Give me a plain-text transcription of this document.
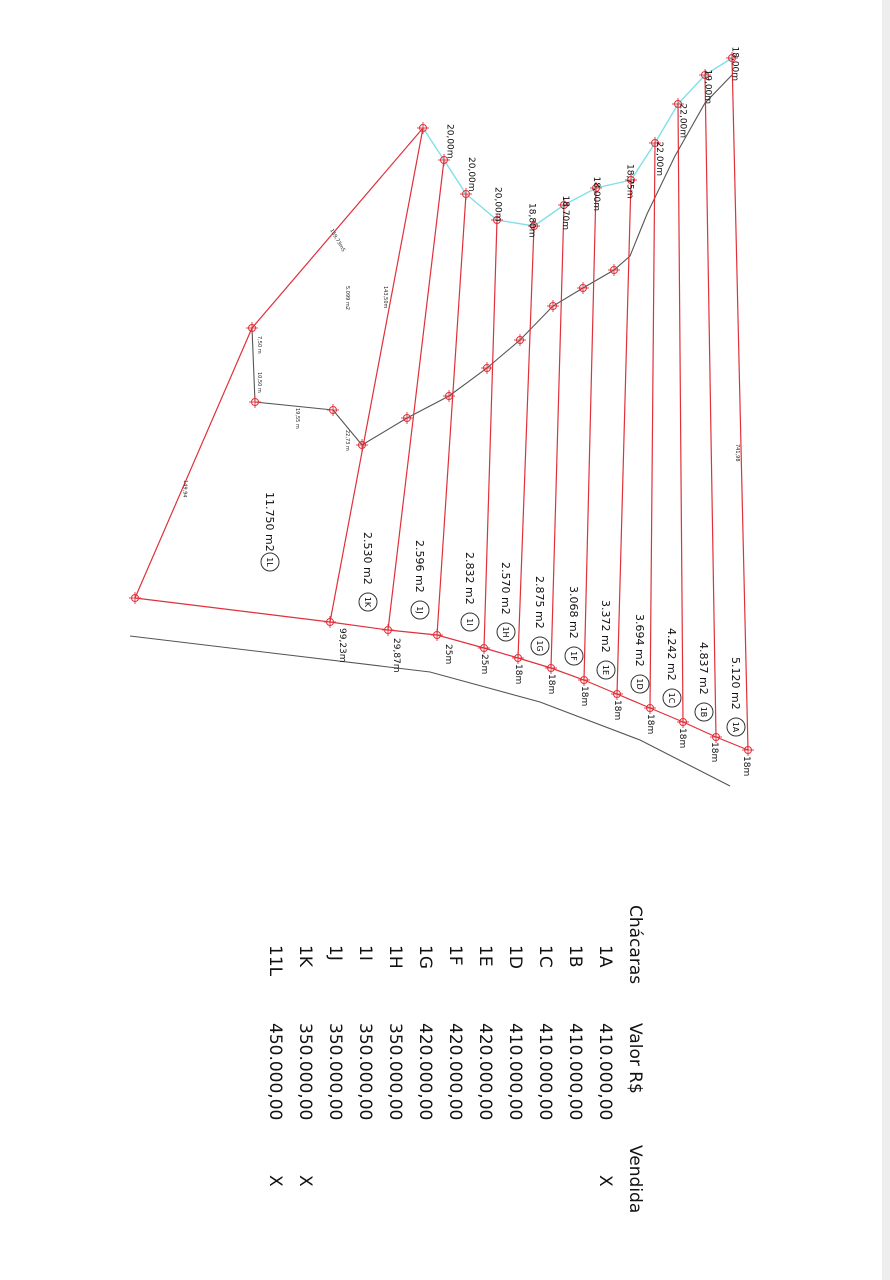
5.120 m2
1A
18m
18,00m
4.837 m2
1B
18m
19,00m
4.242 m2
1C
18m
22,00m
3.694 m2
1D
18m
22,00m
3.372 m2
1E
18m
18,75m
3.068 m2
1F
18m
18,00m
2.875 m2
1G
18m
18,70m
2.570 m2
1H
18m
18,80m
2.832 m2
1I
25m
20,00m
2.596 m2
1J
25m
20,00m
2.530 m2
1K
29,87m
20,00m
11.750 m2
1L
99,23m
741,98
149,94
159,73m5
5.099 m2	143,50m
7,50 m
10,50 m
19,55 m
22,73 m
Chácaras
Valor R$
Vendida
1A
410.000,00
X
1B
410.000,00
1C
410.000,00
1D
410.000,00
1E
420.000,00
1F
420.000,00
1G
420.000,00
1H
350.000,00
1I
350.000,00
1J
350.000,00
1K
350.000,00
X
11L
450.000,00
X
